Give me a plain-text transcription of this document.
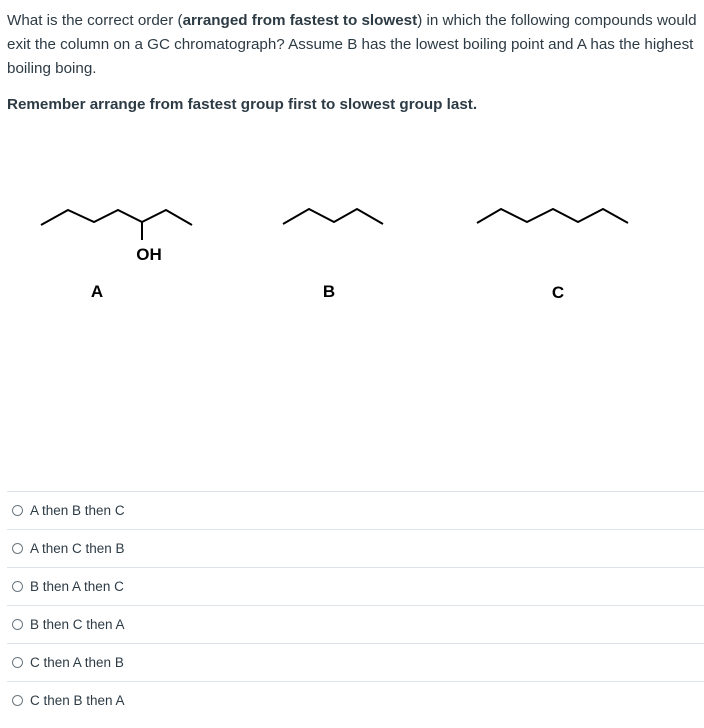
What is the correct order (arranged from fastest to slowest) in which the following compounds would exit the column on a GC chromatograph? Assume B has the lowest boiling point and A has the highest boiling boing.

Remember arrange from fastest group first to slowest group last.
OH
A	B	C
A then B then C
A then C then B
B then A then C
B then C then A
C then A then B
C then B then A
